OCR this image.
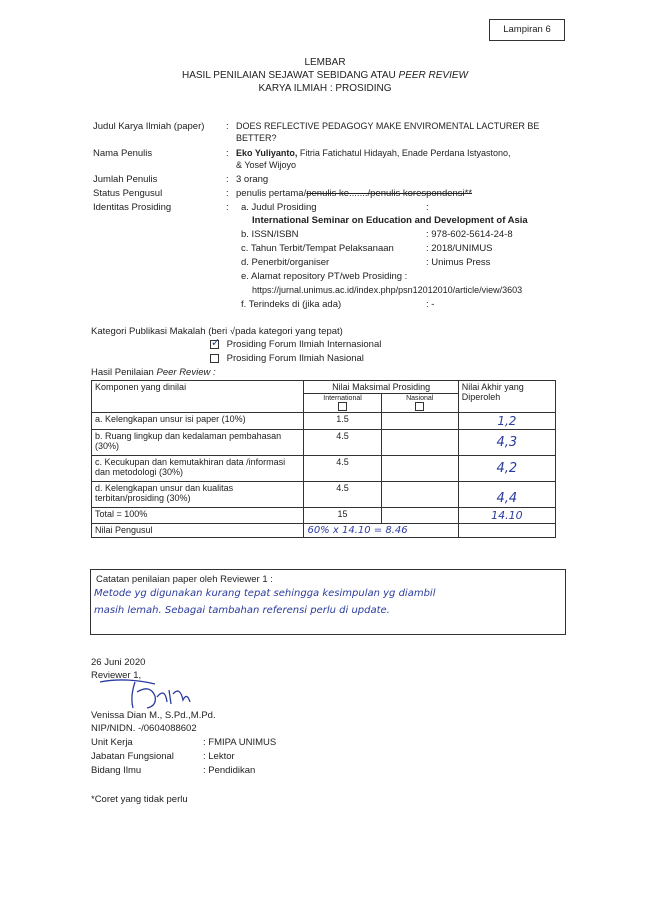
Lampiran 6
LEMBAR
HASIL PENILAIAN SEJAWAT SEBIDANG ATAU PEER REVIEW
KARYA ILMIAH : PROSIDING
Judul Karya Ilmiah (paper) : DOES REFLECTIVE PEDAGOGY MAKE ENVIROMENTAL LACTURER BE
BETTER?
Nama Penulis	: Eko Yuliyanto, Fitria Fatichatul Hidayah, Enade Perdana Istyastono,
& Yosef Wijoyo
Jumlah Penulis	: 3 orang
Status Pengusul	: penulis pertama/penulis ke......./penulis korespondensi**
Identitas Prosiding	: a. Judul Prosiding	:
International Seminar on Education and Development of Asia
b. ISSN/ISBN	: 978-602-5614-24-8
c. Tahun Terbit/Tempat Pelaksanaan	: 2018/UNIMUS
d. Penerbit/organiser	: Unimus Press
e. Alamat repository PT/web Prosiding :
https://jurnal.unimus.ac.id/index.php/psn12012010/article/view/3603
f. Terindeks di (jika ada)	: -
Kategori Publikasi Makalah (beri √pada kategori yang tepat)
✓ Prosiding Forum Ilmiah Internasional
Prosiding Forum Ilmiah Nasional
Hasil Penilaian Peer Review :
Komponen yang dinilai	Nilai Maksimal Prosiding		Nilai Akhir yang Diperoleh

	International	Nasional	

a. Kelengkapan unsur isi paper (10%)	1.5		1,2
b. Ruang lingkup dan kedalaman pembahasan (30%)	4.5		4,3
c. Kecukupan dan kemutakhiran data /informasi dan metodologi (30%)	4.5		4,2
d. Kelengkapan unsur dan kualitas terbitan/prosiding (30%)	4.5		4,4
Total = 100%	15		14.10
Nilai Pengusul	60% x 14.10 = 8.46		
Catatan penilaian paper oleh Reviewer 1 :
Metode yg digunakan kurang tepat sehingga kesimpulan yg diambil
masih lemah. Sebagai tambahan referensi perlu di update.
26 Juni 2020
Reviewer 1,
Venissa Dian M., S.Pd.,M.Pd.
NIP/NIDN. -/0604088602
Unit Kerja	: FMIPA UNIMUS
Jabatan Fungsional	: Lektor
Bidang Ilmu	: Pendidikan
*Coret yang tidak perlu
